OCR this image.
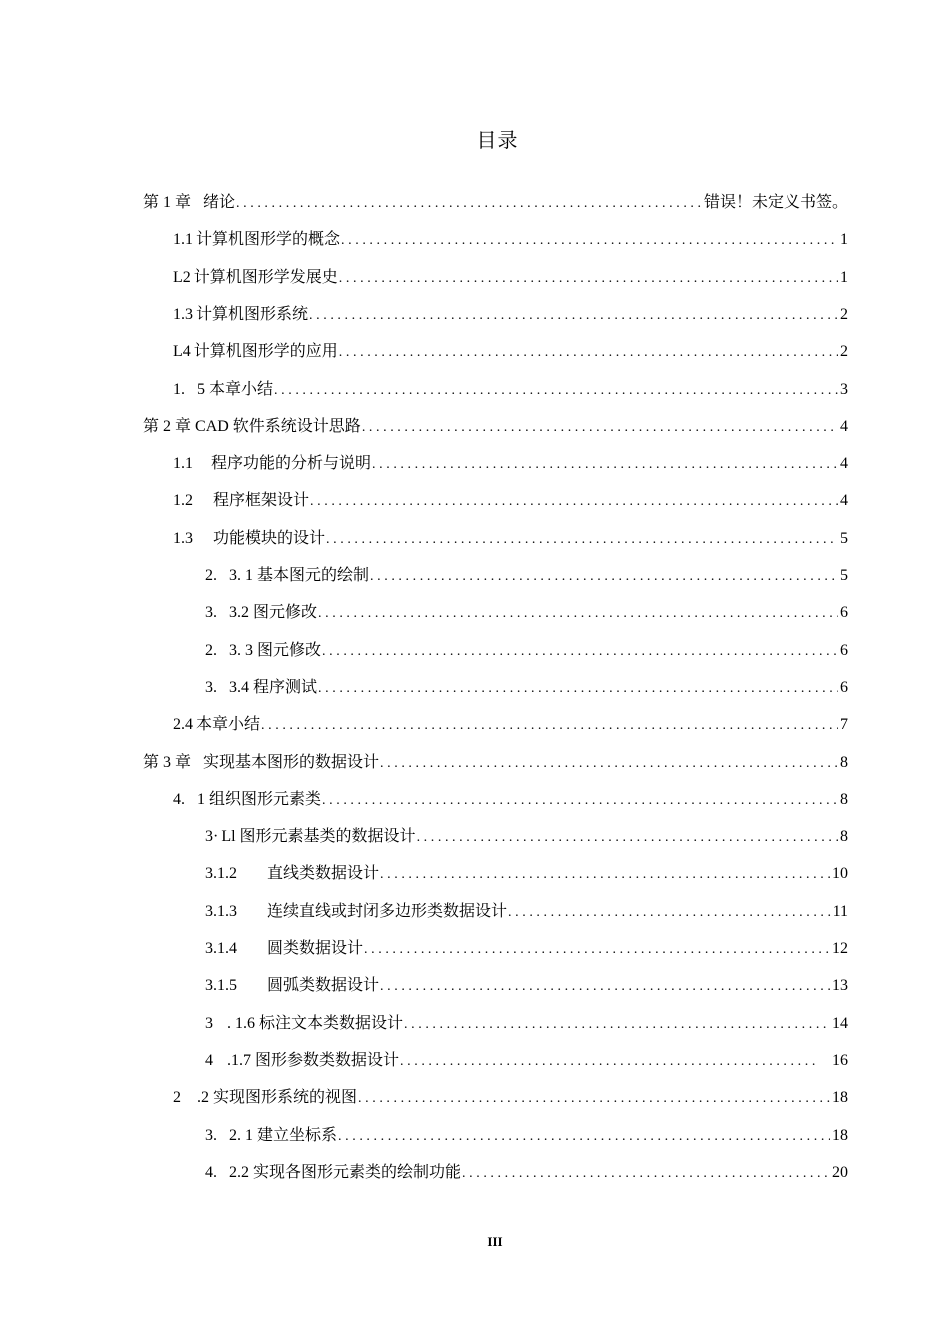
目录
第 1 章 绪论 .....	错误！未定义书签。
1.1 计算机图形学的概念 .....	1
L2 计算机图形学发展史 .....	1
1.3 计算机图形系统 .....	2
L4 计算机图形学的应用 .....	2
1. 5 本章小结 .....	3
第 2 章 CAD 软件系统设计思路 .....	4
1.1 程序功能的分析与说明 .....	4
1.2 程序框架设计 .....	4
1.3 功能模块的设计 .....	5
2. 3. 1 基本图元的绘制 .....	5
3. 3.2 图元修改 .....	6
2. 3. 3 图元修改 .....	6
3. 3.4 程序测试 .....	6
2.4 本章小结 .....	7
第 3 章 实现基本图形的数据设计 .....	8
4. 1 组织图形元素类 .....	8
3· Ll 图形元素基类的数据设计 .....	8
3.1.2 直线类数据设计 .....	10
3.1.3 连续直线或封闭多边形类数据设计 .....	11
3.1.4 圆类数据设计 .....	12
3.1.5 圆弧类数据设计 .....	13
3 . 1.6 标注文本类数据设计 .....	14
4 .1.7 图形参数类数据设计 .....	16
2 .2 实现图形系统的视图 .....	18
3. 2. 1 建立坐标系 .....	18
4. 2.2 实现各图形元素类的绘制功能 .....	20
III
